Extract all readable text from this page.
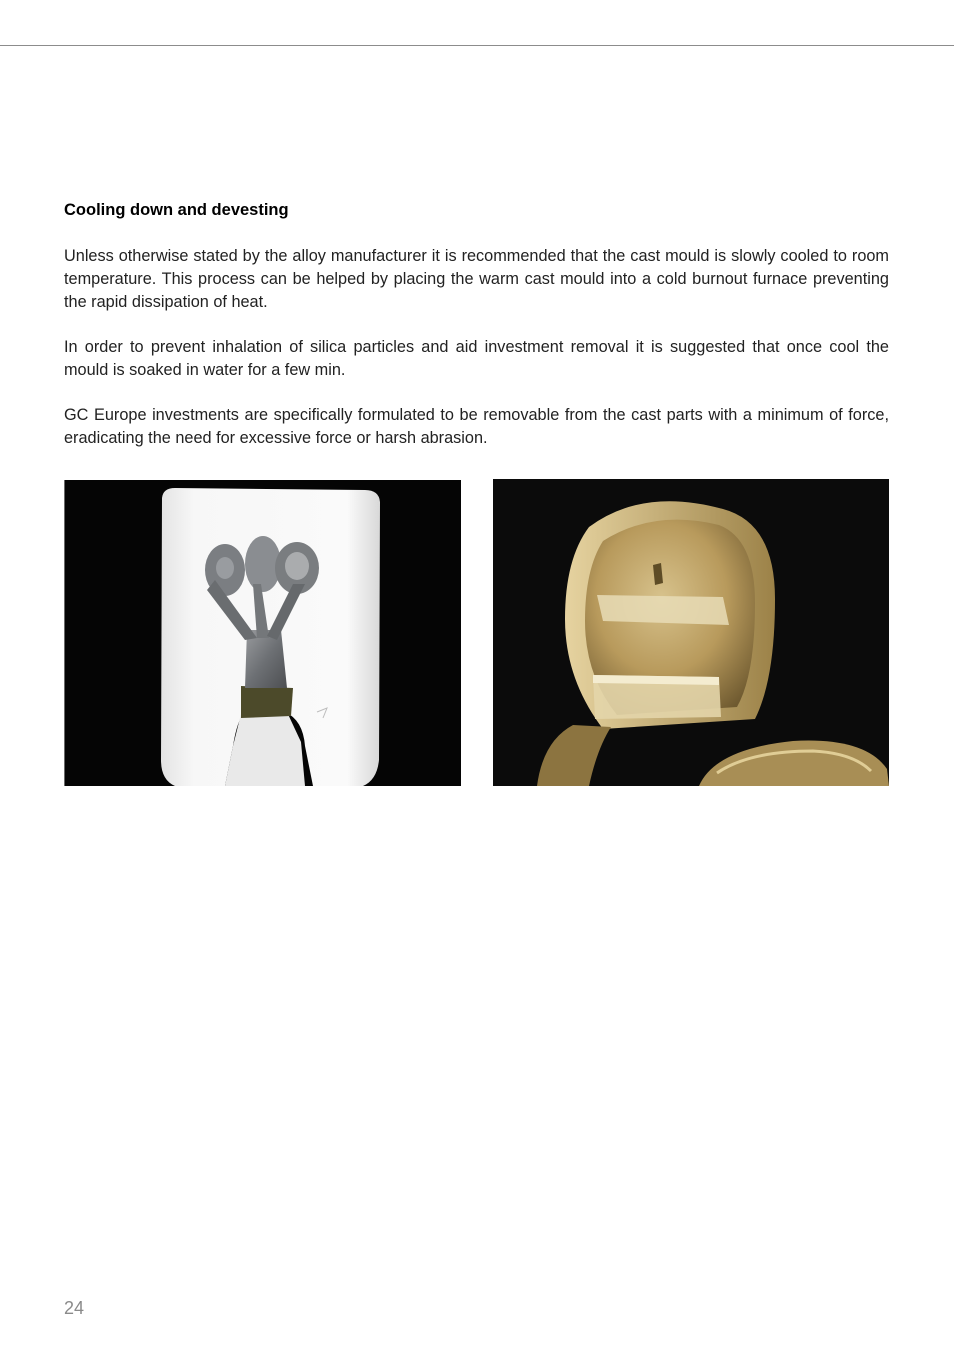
Cooling down and devesting

Unless otherwise stated by the alloy manufacturer it is recommended that the cast mould is slowly cooled to room temperature. This process can be helped by placing the warm cast mould into a cold burnout furnace preventing the rapid dissipation of heat.

In order to prevent inhalation of silica particles and aid investment removal it is suggested that once cool the mould is soaked in water for a few min.

GC Europe investments are specifically formulated to be removable from the cast parts with a minimum of force, eradicating the need for excessive force or harsh abrasion.

24
